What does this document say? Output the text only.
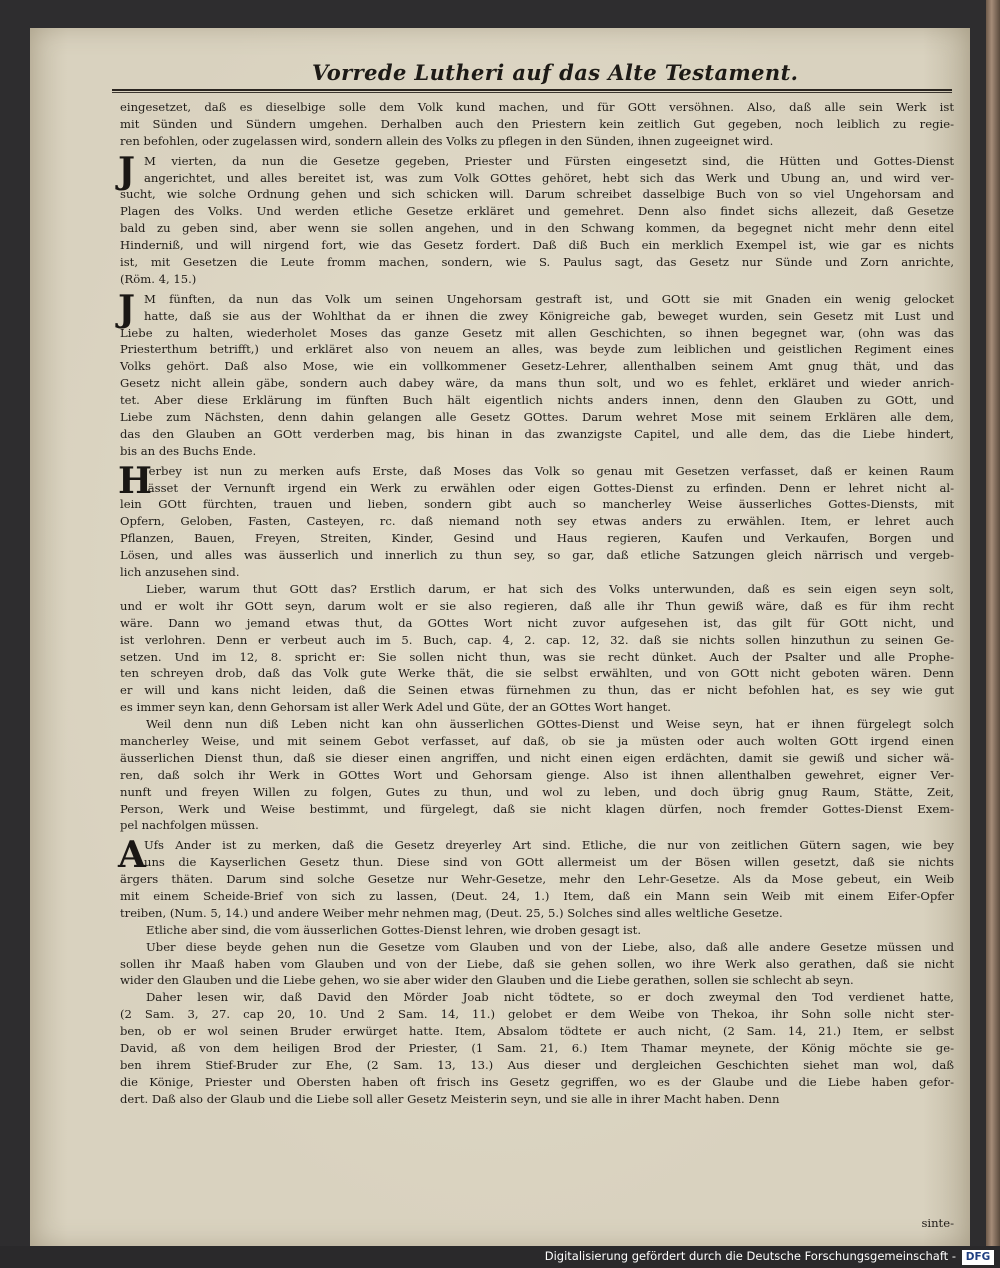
Vorrede Lutheri auf das Alte Testament.
eingesetzet, daß es dieselbige solle dem Volk kund machen, und für GOtt versöhnen. Also, daß alle sein Werk ist
mit Sünden und Sündern umgehen. Derhalben auch den Priestern kein zeitlich Gut gegeben, noch leiblich zu regie-
ren befohlen, oder zugelassen wird, sondern allein des Volks zu pflegen in den Sünden, ihnen zugeeignet wird.
J M vierten, da nun die Gesetze gegeben, Priester und Fürsten eingesetzt sind, die Hütten und Gottes-Dienst
angerichtet, und alles bereitet ist, was zum Volk GOttes gehöret, hebt sich das Werk und Ubung an, und wird ver-
sucht, wie solche Ordnung gehen und sich schicken will. Darum schreibet dasselbige Buch von so viel Ungehorsam and
Plagen des Volks. Und werden etliche Gesetze erkläret und gemehret. Denn also findet sichs allezeit, daß Gesetze
bald zu geben sind, aber wenn sie sollen angehen, und in den Schwang kommen, da begegnet nicht mehr denn eitel
Hinderniß, und will nirgend fort, wie das Gesetz fordert. Daß diß Buch ein merklich Exempel ist, wie gar es nichts
ist, mit Gesetzen die Leute fromm machen, sondern, wie S. Paulus sagt, das Gesetz nur Sünde und Zorn anrichte,
(Röm. 4, 15.)
J M fünften, da nun das Volk um seinen Ungehorsam gestraft ist, und GOtt sie mit Gnaden ein wenig gelocket
hatte, daß sie aus der Wohlthat da er ihnen die zwey Königreiche gab, beweget wurden, sein Gesetz mit Lust und
Liebe zu halten, wiederholet Moses das ganze Gesetz mit allen Geschichten, so ihnen begegnet war, (ohn was das
Priesterthum betrifft,) und erkläret also von neuem an alles, was beyde zum leiblichen und geistlichen Regiment eines
Volks gehört. Daß also Mose, wie ein vollkommener Gesetz-Lehrer, allenthalben seinem Amt gnug thät, und das
Gesetz nicht allein gäbe, sondern auch dabey wäre, da mans thun solt, und wo es fehlet, erkläret und wieder anrich-
tet. Aber diese Erklärung im fünften Buch hält eigentlich nichts anders innen, denn den Glauben zu GOtt, und
Liebe zum Nächsten, denn dahin gelangen alle Gesetz GOttes. Darum wehret Mose mit seinem Erklären alle dem,
das den Glauben an GOtt verderben mag, bis hinan in das zwanzigste Capitel, und alle dem, das die Liebe hindert,
bis an des Buchs Ende.
H
Jerbey ist nun zu merken aufs Erste, daß Moses das Volk so genau mit Gesetzen verfasset, daß er keinen Raum
lässet der Vernunft irgend ein Werk zu erwählen oder eigen Gottes-Dienst zu erfinden. Denn er lehret nicht al-
lein GOtt fürchten, trauen und lieben, sondern gibt auch so mancherley Weise äusserliches Gottes-Diensts, mit
Opfern, Geloben, Fasten, Casteyen, rc. daß niemand noth sey etwas anders zu erwählen. Item, er lehret auch
Pflanzen, Bauen, Freyen, Streiten, Kinder, Gesind und Haus regieren, Kaufen und Verkaufen, Borgen und
Lösen, und alles was äusserlich und innerlich zu thun sey, so gar, daß etliche Satzungen gleich närrisch und vergeb-
lich anzusehen sind.
Lieber, warum thut GOtt das? Erstlich darum, er hat sich des Volks unterwunden, daß es sein eigen seyn solt,
und er wolt ihr GOtt seyn, darum wolt er sie also regieren, daß alle ihr Thun gewiß wäre, daß es für ihm recht
wäre. Dann wo jemand etwas thut, da GOttes Wort nicht zuvor aufgesehen ist, das gilt für GOtt nicht, und
ist verlohren. Denn er verbeut auch im 5. Buch, cap. 4, 2. cap. 12, 32. daß sie nichts sollen hinzuthun zu seinen Ge-
setzen. Und im 12, 8. spricht er: Sie sollen nicht thun, was sie recht dünket. Auch der Psalter und alle Prophe-
ten schreyen drob, daß das Volk gute Werke thät, die sie selbst erwählten, und von GOtt nicht geboten wären. Denn
er will und kans nicht leiden, daß die Seinen etwas fürnehmen zu thun, das er nicht befohlen hat, es sey wie gut
es immer seyn kan, denn Gehorsam ist aller Werk Adel und Güte, der an GOttes Wort hanget.
Weil denn nun diß Leben nicht kan ohn äusserlichen GOttes-Dienst und Weise seyn, hat er ihnen fürgelegt solch
mancherley Weise, und mit seinem Gebot verfasset, auf daß, ob sie ja müsten oder auch wolten GOtt irgend einen
äusserlichen Dienst thun, daß sie dieser einen angriffen, und nicht einen eigen erdächten, damit sie gewiß und sicher wä-
ren, daß solch ihr Werk in GOttes Wort und Gehorsam gienge. Also ist ihnen allenthalben gewehret, eigner Ver-
nunft und freyen Willen zu folgen, Gutes zu thun, und wol zu leben, und doch übrig gnug Raum, Stätte, Zeit,
Person, Werk und Weise bestimmt, und fürgelegt, daß sie nicht klagen dürfen, noch fremder Gottes-Dienst Exem-
pel nachfolgen müssen.
A
Ufs Ander ist zu merken, daß die Gesetz dreyerley Art sind. Etliche, die nur von zeitlichen Gütern sagen, wie bey
uns die Kayserlichen Gesetz thun. Diese sind von GOtt allermeist um der Bösen willen gesetzt, daß sie nichts
ärgers thäten. Darum sind solche Gesetze nur Wehr-Gesetze, mehr den Lehr-Gesetze. Als da Mose gebeut, ein Weib
mit einem Scheide-Brief von sich zu lassen, (Deut. 24, 1.) Item, daß ein Mann sein Weib mit einem Eifer-Opfer
treiben, (Num. 5, 14.) und andere Weiber mehr nehmen mag, (Deut. 25, 5.) Solches sind alles weltliche Gesetze.
Etliche aber sind, die vom äusserlichen Gottes-Dienst lehren, wie droben gesagt ist.
Uber diese beyde gehen nun die Gesetze vom Glauben und von der Liebe, also, daß alle andere Gesetze müssen und
sollen ihr Maaß haben vom Glauben und von der Liebe, daß sie gehen sollen, wo ihre Werk also gerathen, daß sie nicht
wider den Glauben und die Liebe gehen, wo sie aber wider den Glauben und die Liebe gerathen, sollen sie schlecht ab seyn.
Daher lesen wir, daß David den Mörder Joab nicht tödtete, so er doch zweymal den Tod verdienet hatte,
(2 Sam. 3, 27. cap 20, 10. Und 2 Sam. 14, 11.) gelobet er dem Weibe von Thekoa, ihr Sohn solle nicht ster-
ben, ob er wol seinen Bruder erwürget hatte. Item, Absalom tödtete er auch nicht, (2 Sam. 14, 21.) Item, er selbst
David, aß von dem heiligen Brod der Priester, (1 Sam. 21, 6.) Item Thamar meynete, der König möchte sie ge-
ben ihrem Stief-Bruder zur Ehe, (2 Sam. 13, 13.) Aus dieser und dergleichen Geschichten siehet man wol, daß
die Könige, Priester und Obersten haben oft frisch ins Gesetz gegriffen, wo es der Glaube und die Liebe haben gefor-
dert. Daß also der Glaub und die Liebe soll aller Gesetz Meisterin seyn, und sie alle in ihrer Macht haben. Denn
sinte-
Digitalisierung gefördert durch die Deutsche Forschungsgemeinschaft - DFG
